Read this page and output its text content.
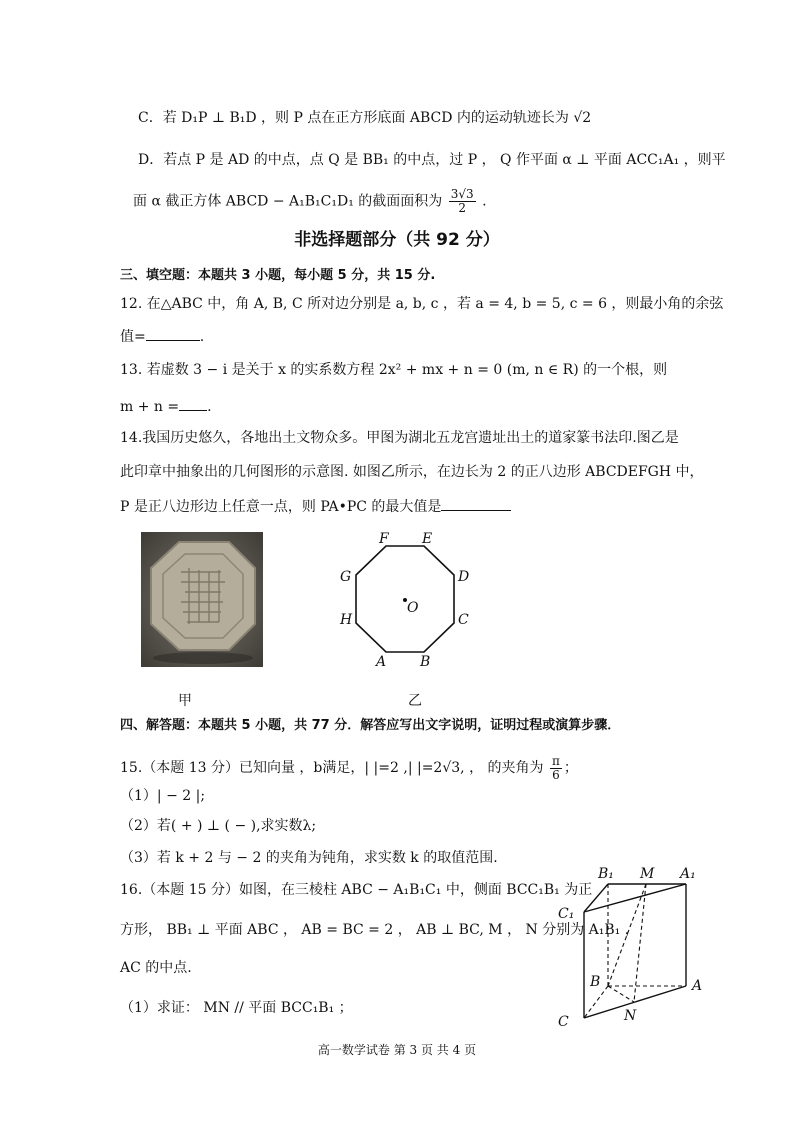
C．若 D₁P ⊥ B₁D ，则 P 点在正方形底面 ABCD 内的运动轨迹长为 √2
D．若点 P 是 AD 的中点，点 Q 是 BB₁ 的中点，过 P ， Q 作平面 α ⊥ 平面 ACC₁A₁ ，则平
面 α 截正方体 ABCD − A₁B₁C₁D₁ 的截面面积为 $\frac{3√3}{2}$ .
非选择题部分（共 92 分）
三、填空题：本题共 3 小题，每小题 5 分，共 15 分.
12. 在△ABC 中，角 A, B, C 所对边分别是 a, b, c ，若 a = 4, b = 5, c = 6 ，则最小角的余弦
值=	.
13. 若虚数 3 − i 是关于 x 的实系数方程 2x² + mx + n = 0 (m, n ∈ R) 的一个根，则
m + n = .
14.我国历史悠久，各地出土文物众多。甲图为湖北五龙宫遗址出土的道家篆书法印.图乙是
此印章中抽象出的几何图形的示意图. 如图乙所示，在边长为 2 的正八边形 ABCDEFGH 中，
P 是正八边形边上任意一点，则 PA•PC 的最大值是
甲
F E
G	D
H	C
A B
O
乙
四、解答题：本题共 5 小题，共 77 分．解答应写出文字说明，证明过程或演算步骤．
15.（本题 13 分）已知向量 ，b满足，| |=2 ,| |=2√3, ， 的夹角为 $\frac{\pi}{6}$ ；
（1）| − 2 |;
（2）若( + ) ⊥ ( − ),求实数λ;
（3）若 k + 2 与 − 2 的夹角为钝角，求实数 k 的取值范围.
16.（本题 15 分）如图，在三棱柱 ABC − A₁B₁C₁ 中，侧面 BCC₁B₁ 为正
方形， BB₁ ⊥ 平面 ABC ， AB = BC = 2 ， AB ⊥ BC, M ， N 分别为 A₁B₁ ，
AC 的中点.
（1）求证： MN // 平面 BCC₁B₁ ；
B₁ M A₁
C₁
B	A
C	N
高一数学试卷 第 3 页 共 4 页
